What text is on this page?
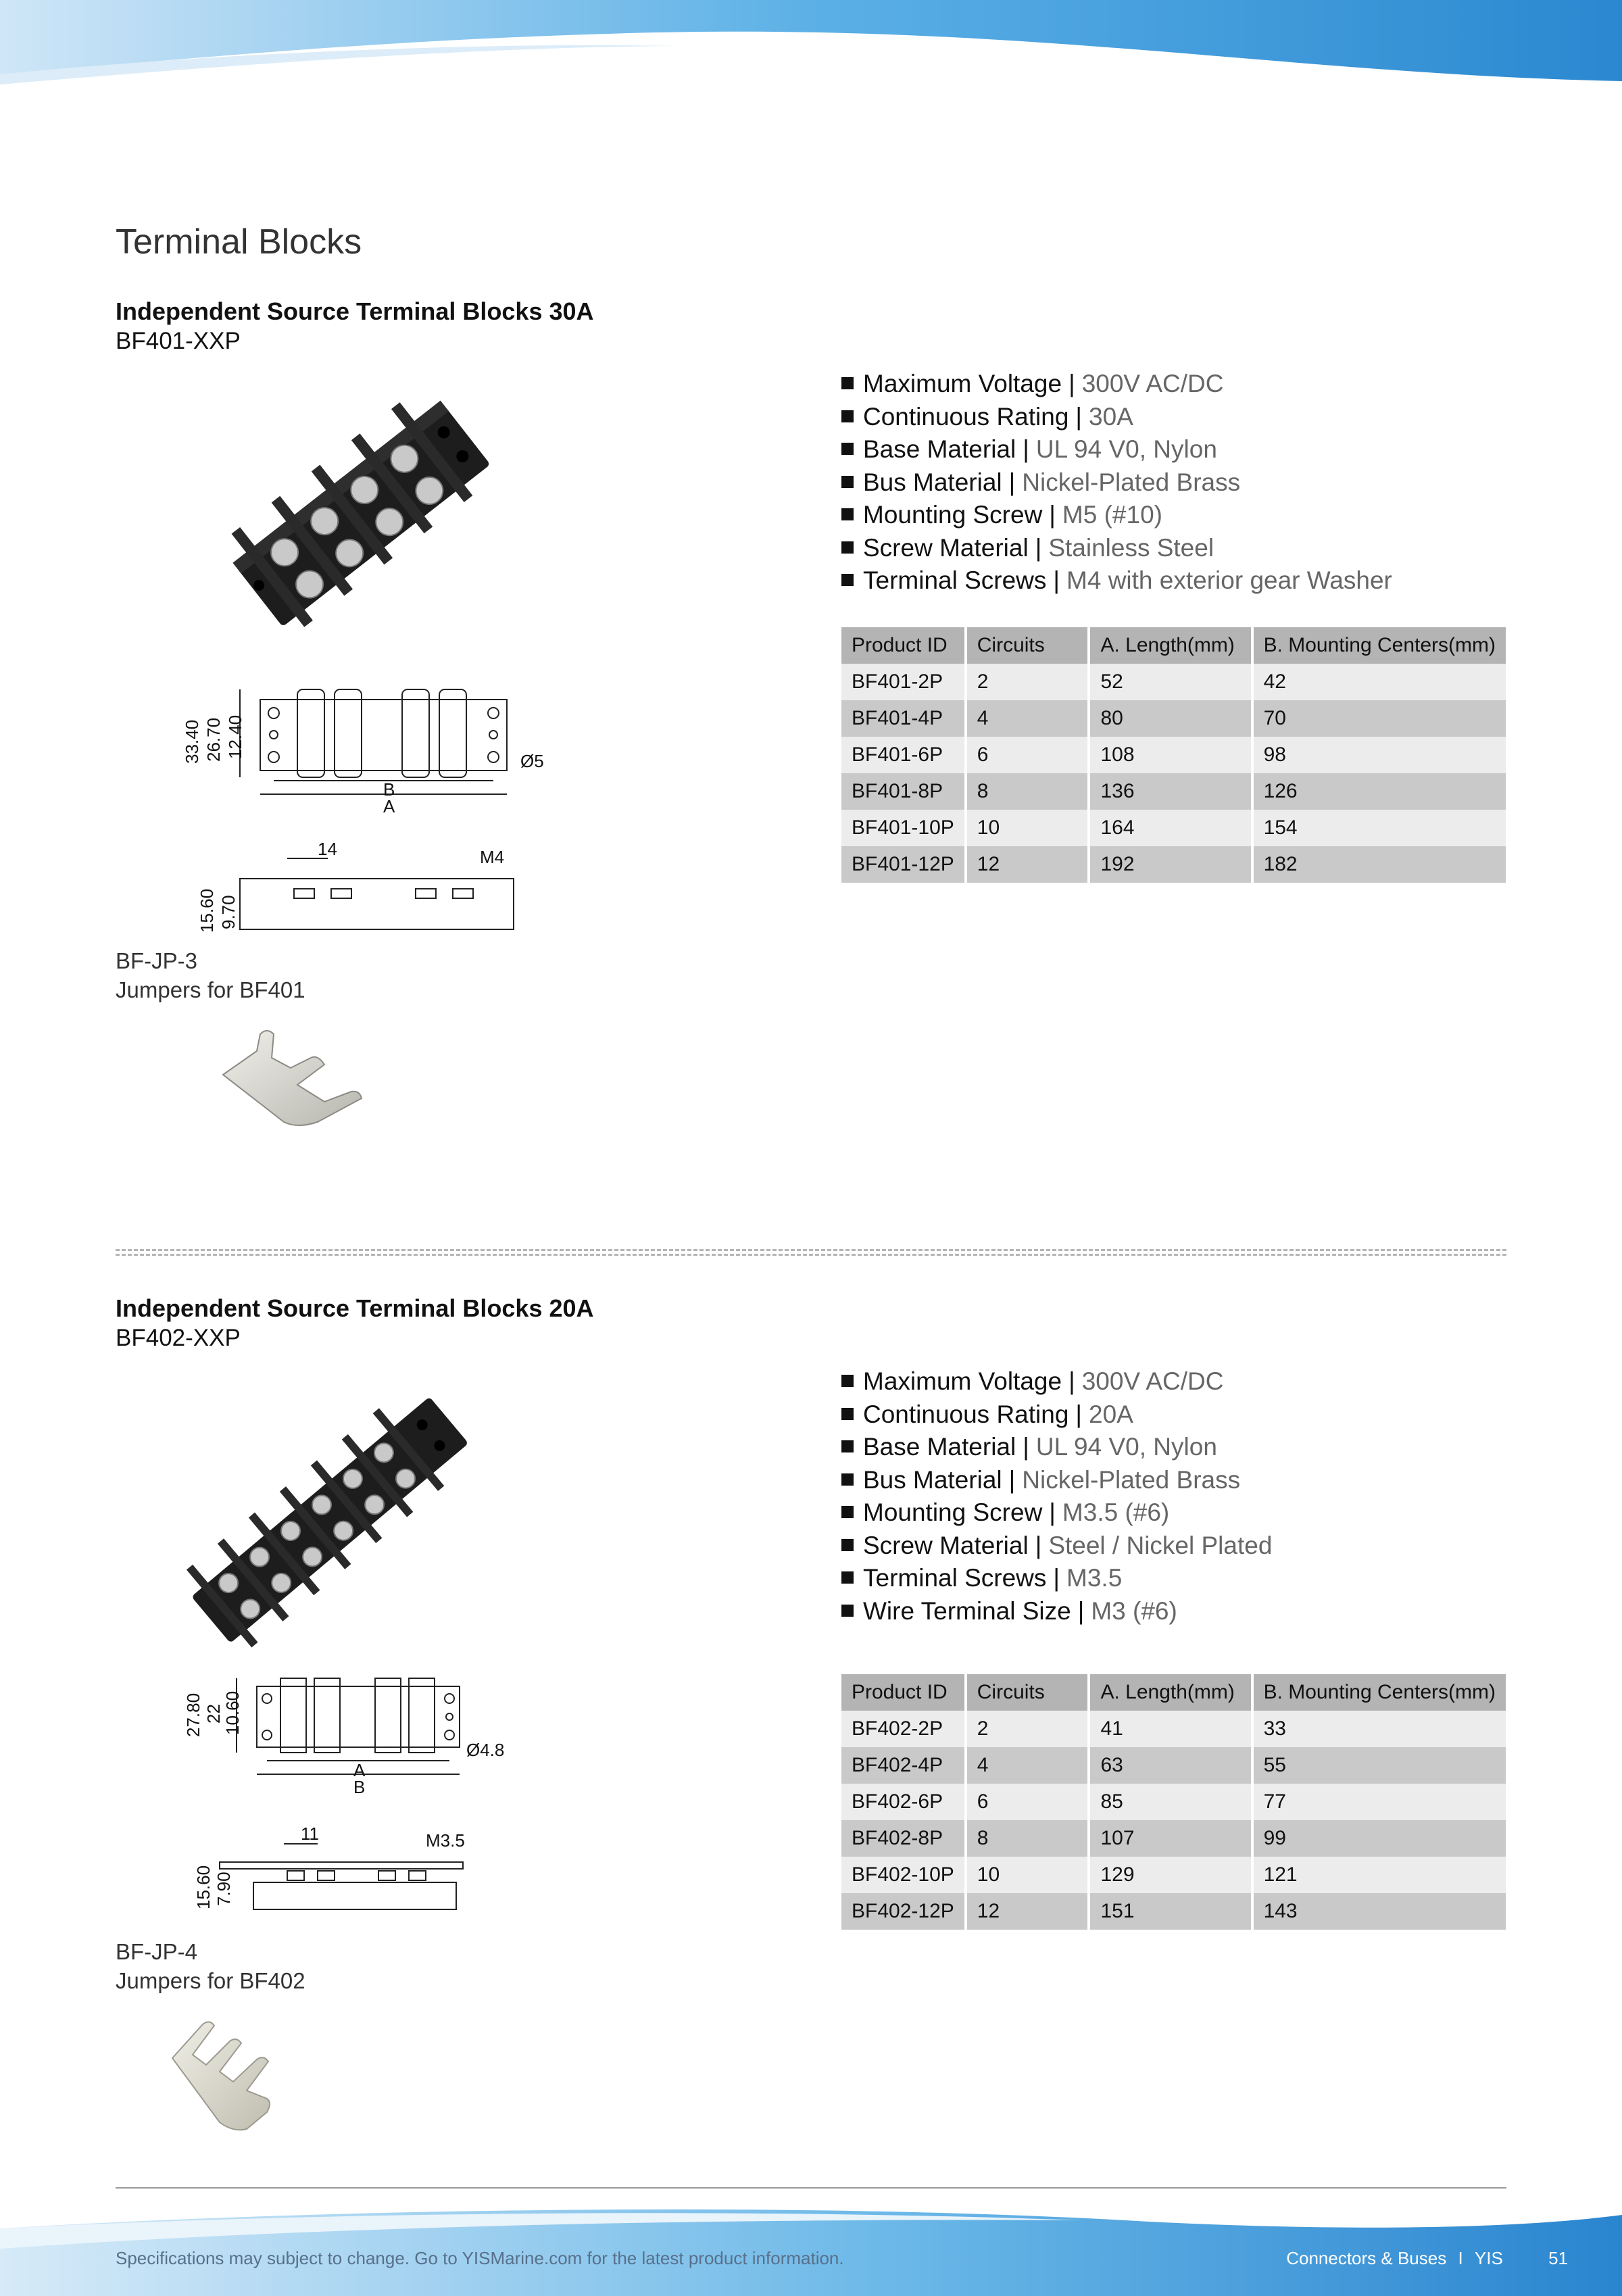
Terminal Blocks
Independent Source Terminal Blocks 30A
BF401-XXP
33.40 26.70 12.40
Ø5
B
A
14	M4
15.60 9.70
Maximum Voltage | 300V AC/DC
Continuous Rating | 30A
Base Material | UL 94 V0, Nylon
Bus Material | Nickel-Plated Brass
Mounting Screw | M5 (#10)
Screw Material | Stainless Steel
Terminal Screws | M4 with exterior gear Washer
Product ID	Circuits	A. Length(mm)	B. Mounting Centers(mm)
BF401-2P	2	52	42
BF401-4P	4	80	70
BF401-6P	6	108	98
BF401-8P	8	136	126
BF401-10P	10	164	154
BF401-12P	12	192	182
BF-JP-3
Jumpers for BF401
Independent Source Terminal Blocks 20A
BF402-XXP
27.80 22
10.60
Ø4.8
A
B
11	M3.5
15.60 7.90
Maximum Voltage | 300V AC/DC
Continuous Rating | 20A
Base Material | UL 94 V0, Nylon
Bus Material | Nickel-Plated Brass
Mounting Screw | M3.5 (#6)
Screw Material | Steel / Nickel Plated
Terminal Screws | M3.5
Wire Terminal Size | M3 (#6)
Product ID	Circuits	A. Length(mm)	B. Mounting Centers(mm)
BF402-2P	2	41	33
BF402-4P	4	63	55
BF402-6P	6	85	77
BF402-8P	8	107	99
BF402-10P	10	129	121
BF402-12P	12	151	143
BF-JP-4
Jumpers for BF402
Specifications may subject to change. Go to YISMarine.com for the latest product information.	Connectors & Buses I YIS	51
